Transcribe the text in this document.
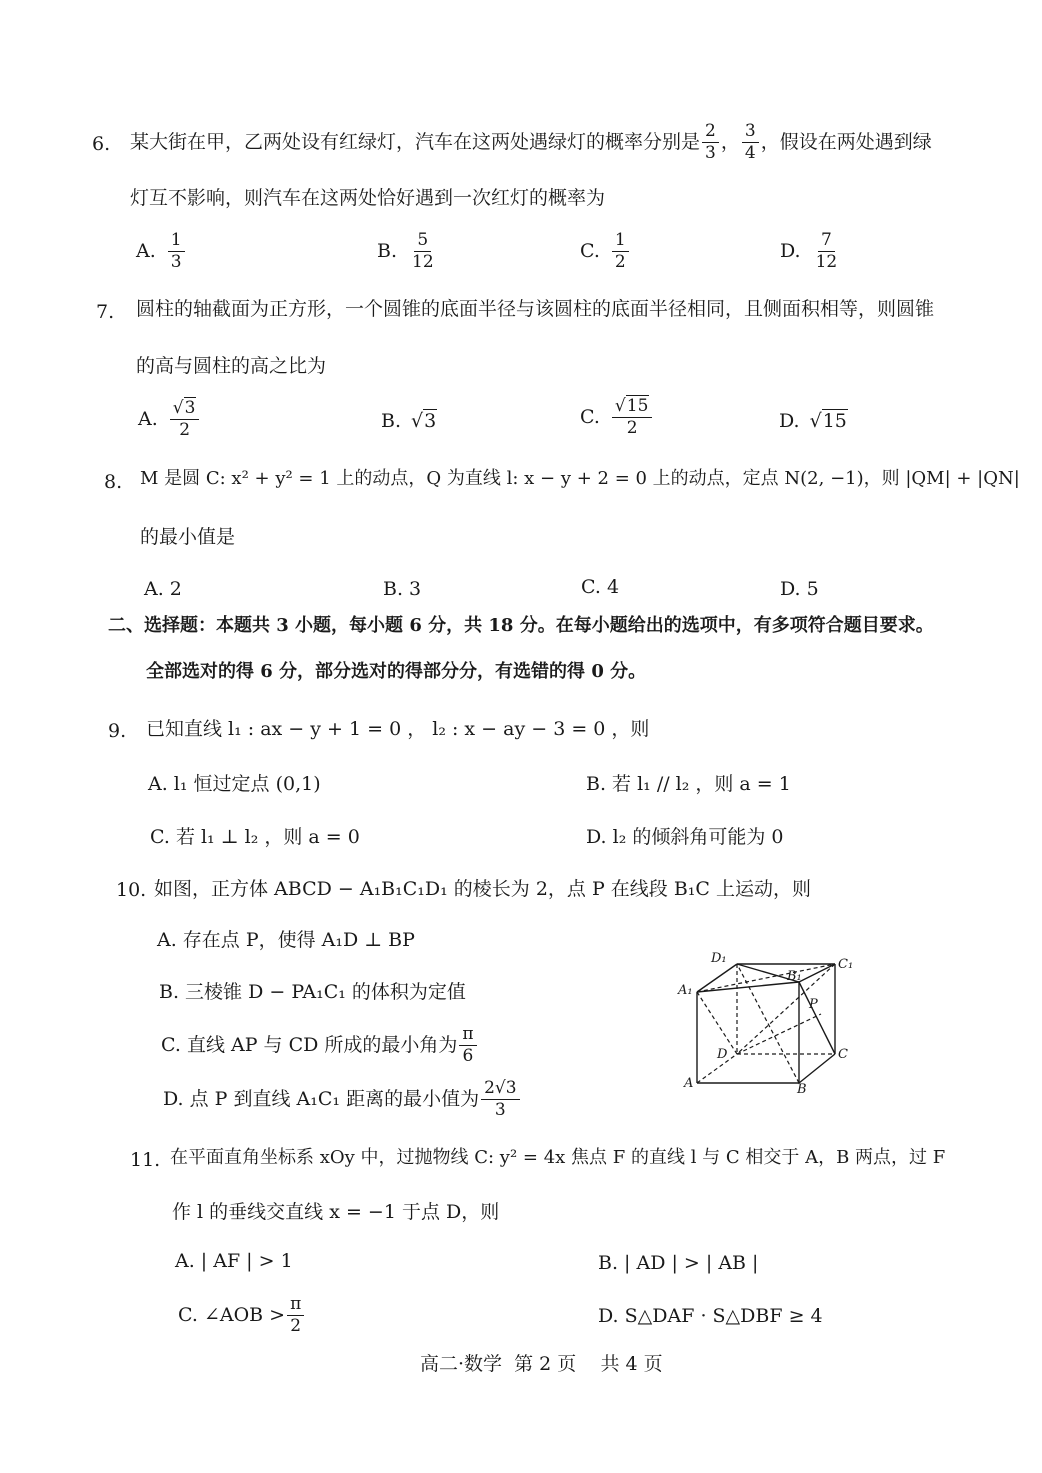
6. 某大街在甲，乙两处设有红绿灯，汽车在这两处遇绿灯的概率分别是 $\frac{2}{3}$ ， $\frac{3}{4}$ ，假设在两处遇到绿
灯互不影响，则汽车在这两处恰好遇到一次红灯的概率为
A. $\frac{1}{3}$	B. $\frac{5}{12}$	C. $\frac{1}{2}$	D. $\frac{7}{12}$
7. 圆柱的轴截面为正方形，一个圆锥的底面半径与该圆柱的底面半径相同，且侧面积相等，则圆锥
的高与圆柱的高之比为
A. $\frac{√3}{2}$	B. √3	C. $\frac{√15}{2}$	D. √15
8. M 是圆 C: x² + y² = 1 上的动点，Q 为直线 l: x − y + 2 = 0 上的动点，定点 N(2, −1)，则 |QM| + |QN|
的最小值是
A. 2	B. 3	C. 4	D. 5
二、选择题：本题共 3 小题，每小题 6 分，共 18 分。在每小题给出的选项中，有多项符合题目要求。
全部选对的得 6 分，部分选对的得部分分，有选错的得 0 分。
9. 已知直线 l₁ : ax − y + 1 = 0 ， l₂ : x − ay − 3 = 0 ，则
A. l₁ 恒过定点 (0,1)	B. 若 l₁ // l₂ ，则 a = 1
C. 若 l₁ ⊥ l₂ ，则 a = 0	D. l₂ 的倾斜角可能为 0
10. 如图，正方体 ABCD − A₁B₁C₁D₁ 的棱长为 2，点 P 在线段 B₁C 上运动，则
A. 存在点 P，使得 A₁D ⊥ BP
B. 三棱锥 D − PA₁C₁ 的体积为定值
C. 直线 AP 与 CD 所成的最小角为 $\frac{\pi}{6}$
D. 点 P 到直线 A₁C₁ 距离的最小值为 $\frac{2√3}{3}$
D₁	C₁
A₁
B₁
P
D	C
A	B
11. 在平面直角坐标系 xOy 中，过抛物线 C: y² = 4x 焦点 F 的直线 l 与 C 相交于 A，B 两点，过 F
作 l 的垂线交直线 x = −1 于点 D，则
A. | AF | > 1	B. | AD | > | AB |
C. ∠AOB > $\frac{\pi}{2}$	D. S△DAF · S△DBF ≥ 4
高二·数学  第 2 页    共 4 页
